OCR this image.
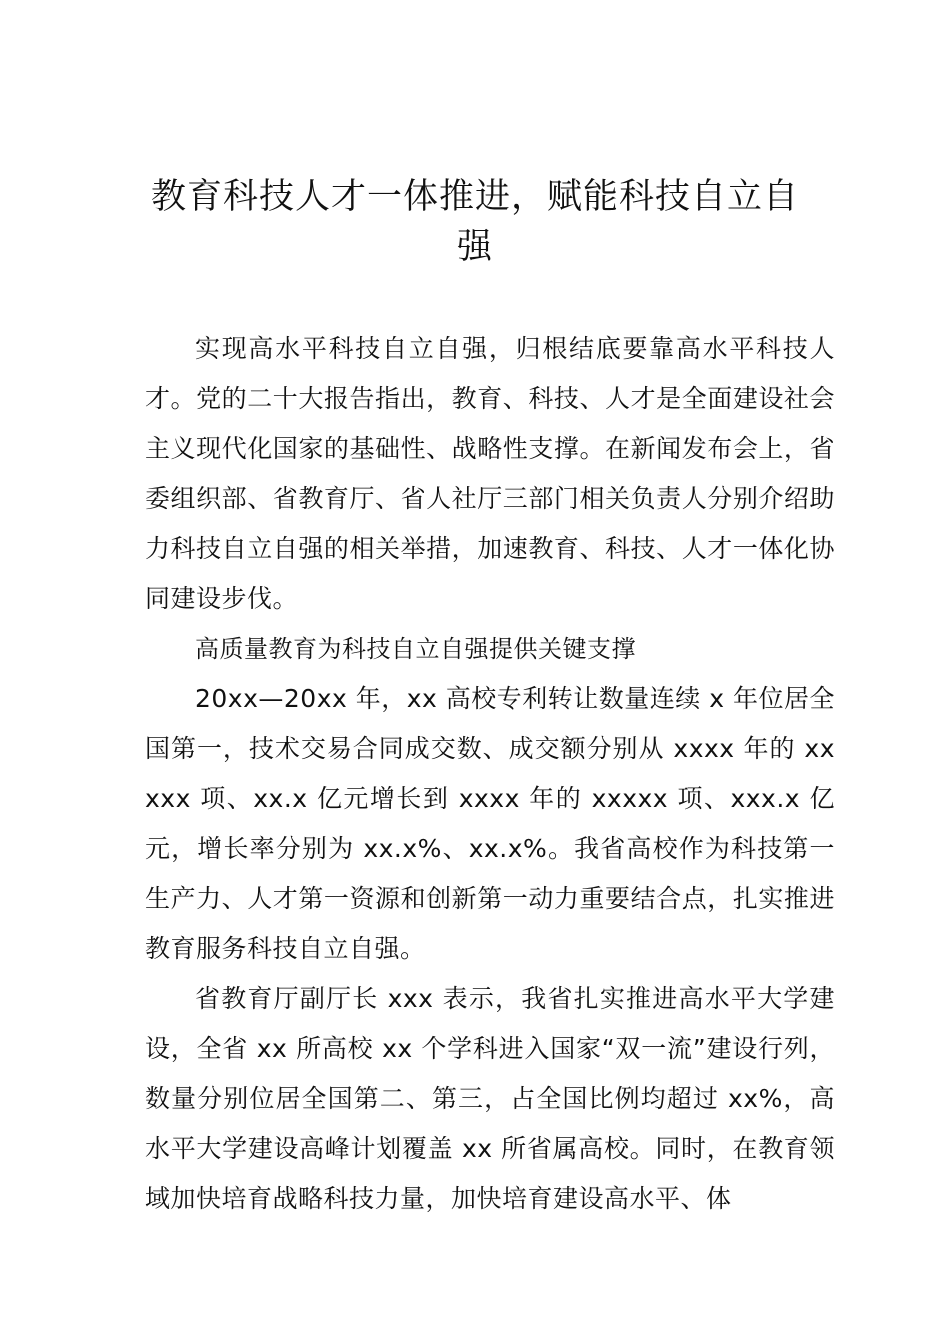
教育科技人才一体推进，赋能科技自立自强

实现高水平科技自立自强，归根结底要靠高水平科技人才。党的二十大报告指出，教育、科技、人才是全面建设社会主义现代化国家的基础性、战略性支撑。在新闻发布会上，省委组织部、省教育厅、省人社厅三部门相关负责人分别介绍助力科技自立自强的相关举措，加速教育、科技、人才一体化协同建设步伐。

高质量教育为科技自立自强提供关键支撑

20xx—20xx 年，xx 高校专利转让数量连续 x 年位居全国第一，技术交易合同成交数、成交额分别从 xxxx 年的 xxxxx 项、xx.x 亿元增长到 xxxx 年的 xxxxx 项、xxx.x 亿元，增长率分别为 xx.x%、xx.x%。我省高校作为科技第一生产力、人才第一资源和创新第一动力重要结合点，扎实推进教育服务科技自立自强。

省教育厅副厅长 xxx 表示，我省扎实推进高水平大学建设，全省 xx 所高校 xx 个学科进入国家“双一流”建设行列，数量分别位居全国第二、第三，占全国比例均超过 xx%，高水平大学建设高峰计划覆盖 xx 所省属高校。同时，在教育领域加快培育战略科技力量，加快培育建设高水平、体
